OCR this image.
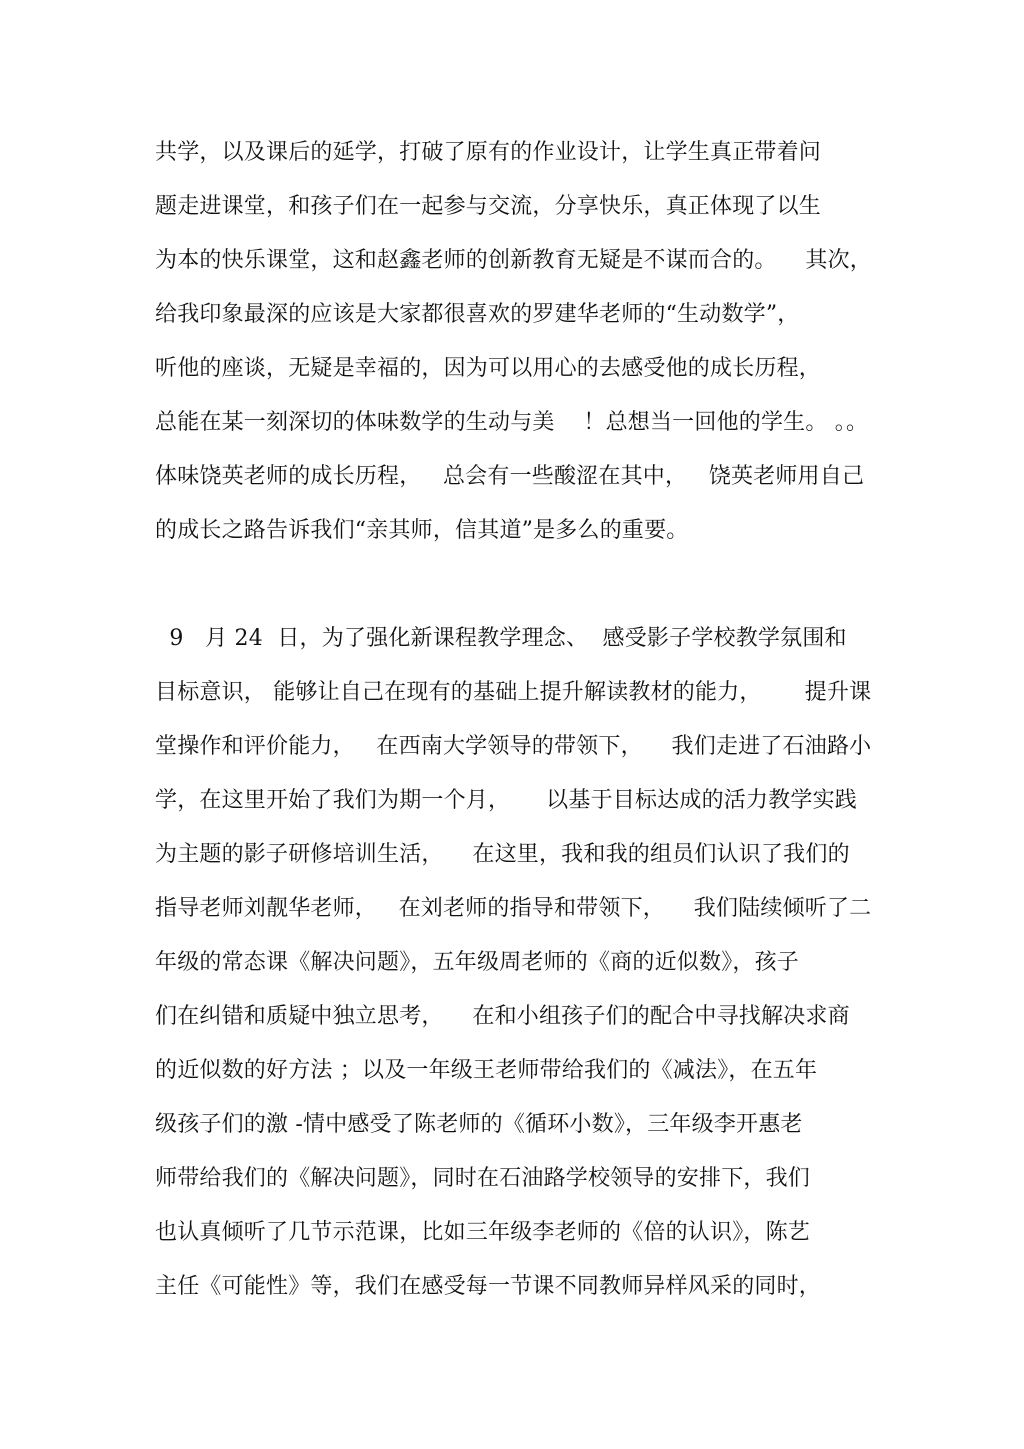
共学，以及课后的延学，打破了原有的作业设计，让学生真正带着问
题走进课堂，和孩子们在一起参与交流，分享快乐，真正体现了以生
为本的快乐课堂，这和赵鑫老师的创新教育无疑是不谋而合的。    其次，
给我印象最深的应该是大家都很喜欢的罗建华老师的“生动数学”，
听他的座谈，无疑是幸福的，因为可以用心的去感受他的成长历程，
总能在某一刻深切的体味数学的生动与美    ！总想当一回他的学生。 。。
体味饶英老师的成长历程，   总会有一些酸涩在其中，   饶英老师用自己
的成长之路告诉我们“亲其师，信其道”是多么的重要。
9   月 24  日，为了强化新课程教学理念、  感受影子学校教学氛围和
目标意识， 能够让自己在现有的基础上提升解读教材的能力，      提升课
堂操作和评价能力，   在西南大学领导的带领下，    我们走进了石油路小
学，在这里开始了我们为期一个月，     以基于目标达成的活力教学实践
为主题的影子研修培训生活，    在这里，我和我的组员们认识了我们的
指导老师刘靓华老师，   在刘老师的指导和带领下，    我们陆续倾听了二
年级的常态课《解决问题》，五年级周老师的《商的近似数》，孩子
们在纠错和质疑中独立思考，    在和小组孩子们的配合中寻找解决求商
的近似数的好方法 ；以及一年级王老师带给我们的《减法》，在五年
级孩子们的激 -情中感受了陈老师的《循环小数》，三年级李开惠老
师带给我们的《解决问题》，同时在石油路学校领导的安排下，我们
也认真倾听了几节示范课，比如三年级李老师的《倍的认识》，陈艺
主任《可能性》等，我们在感受每一节课不同教师异样风采的同时，
